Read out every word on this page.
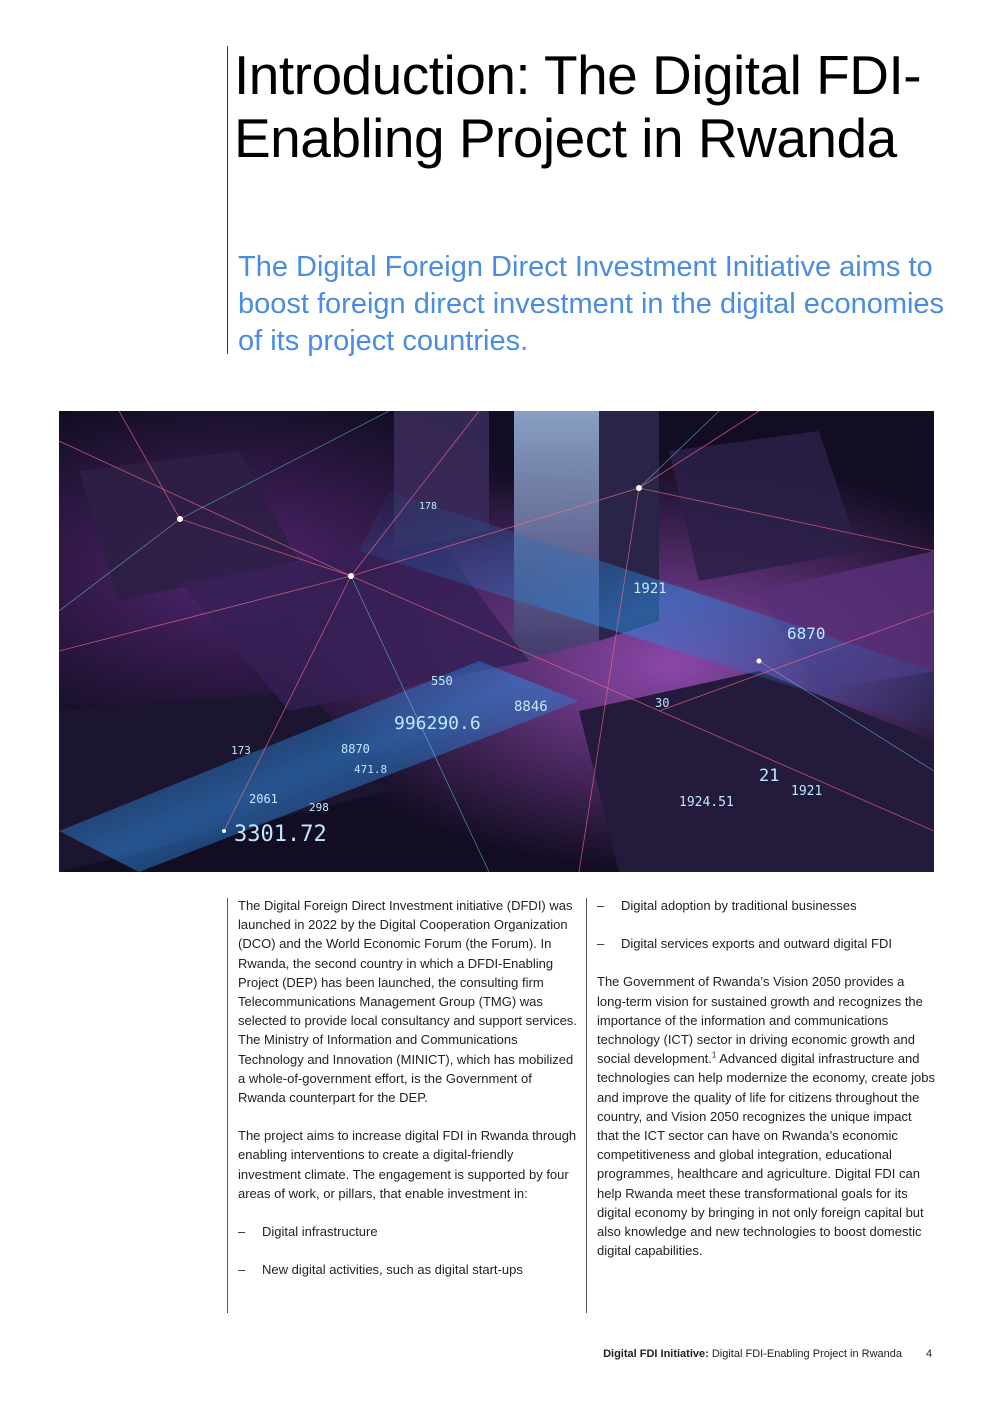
Introduction: The Digital FDI-Enabling Project in Rwanda

The Digital Foreign Direct Investment Initiative aims to boost foreign direct investment in the digital economies of its project countries.

1921
6870
996290.6
8870
471.8
1924.51
21
173
2061
298
3301.72
8846	30
550
1921
178

The Digital Foreign Direct Investment initiative (DFDI) was launched in 2022 by the Digital Cooperation Organization (DCO) and the World Economic Forum (the Forum). In Rwanda, the second country in which a DFDI-Enabling Project (DEP) has been launched, the consulting firm Telecommunications Management Group (TMG) was selected to provide local consultancy and support services. The Ministry of Information and Communications Technology and Innovation (MINICT), which has mobilized a whole-of-government effort, is the Government of Rwanda counterpart for the DEP.

The project aims to increase digital FDI in Rwanda through enabling interventions to create a digital-friendly investment climate. The engagement is supported by four areas of work, or pillars, that enable investment in:

– Digital infrastructure
– New digital activities, such as digital start-ups
– Digital adoption by traditional businesses
– Digital services exports and outward digital FDI

The Government of Rwanda’s Vision 2050 provides a long-term vision for sustained growth and recognizes the importance of the information and communications technology (ICT) sector in driving economic growth and social development.$^1$ Advanced digital infrastructure and technologies can help modernize the economy, create jobs and improve the quality of life for citizens throughout the country, and Vision 2050 recognizes the unique impact that the ICT sector can have on Rwanda’s economic competitiveness and global integration, educational programmes, healthcare and agriculture. Digital FDI can help Rwanda meet these transformational goals for its digital economy by bringing in not only foreign capital but also knowledge and new technologies to boost domestic digital capabilities.

Digital FDI Initiative: Digital FDI-Enabling Project in Rwanda 4
